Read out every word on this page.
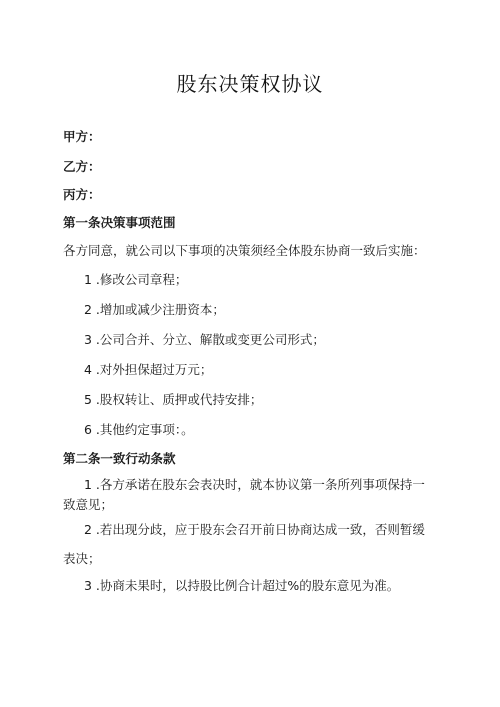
股东决策权协议
甲方：
乙方：
丙方：
第一条决策事项范围
各方同意，就公司以下事项的决策须经全体股东协商一致后实施：
1 .修改公司章程；
2 .增加或减少注册资本；
3 .公司合并、分立、解散或变更公司形式；
4 .对外担保超过万元；
5 .股权转让、质押或代持安排；
6 .其他约定事项：。
第二条一致行动条款
1 .各方承诺在股东会表决时，就本协议第一条所列事项保持一致意见；
2 .若出现分歧，应于股东会召开前日协商达成一致，否则暂缓
表决；
3 .协商未果时，以持股比例合计超过%的股东意见为准。
